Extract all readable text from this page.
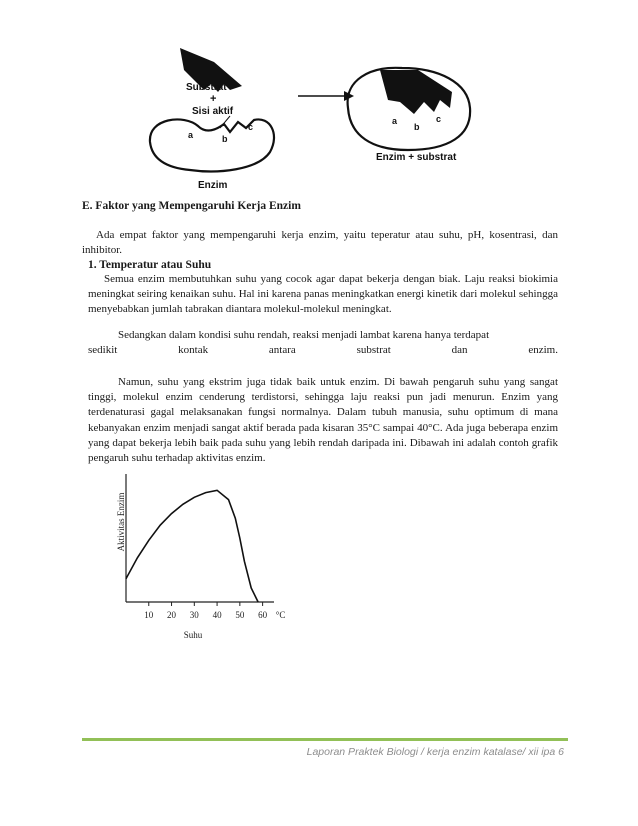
Substrat
+
Sisi aktif
a	b
c
Enzim
a
b
c
Enzim + substrat
E. Faktor yang Mempengaruhi Kerja Enzim
Ada empat faktor yang mempengaruhi kerja enzim, yaitu teperatur atau suhu, pH, kosentrasi, dan inhibitor.
1. Temperatur atau Suhu
Semua enzim membutuhkan suhu yang cocok agar dapat bekerja dengan biak. Laju reaksi biokimia meningkat seiring kenaikan suhu. Hal ini karena panas meningkatkan energi kinetik dari molekul sehingga menyebabkan jumlah tabrakan diantara molekul-molekul meningkat.
Sedangkan dalam kondisi suhu rendah, reaksi menjadi lambat karena hanya terdapat
sedikit kontak antara substrat dan enzim.
Namun, suhu yang ekstrim juga tidak baik untuk enzim. Di bawah pengaruh suhu yang sangat tinggi, molekul enzim cenderung terdistorsi, sehingga laju reaksi pun jadi menurun. Enzim yang terdenaturasi gagal melaksanakan fungsi normalnya. Dalam tubuh manusia, suhu optimum di mana kebanyakan enzim menjadi sangat aktif berada pada kisaran 35°C sampai 40°C. Ada juga beberapa enzim yang dapat bekerja lebih baik pada suhu yang lebih rendah daripada ini. Dibawah ini adalah contoh grafik pengaruh suhu terhadap aktivitas enzim.
Aktivitas Enzim
Suhu
10 20 30 40 50 60 °C
Laporan Praktek Biologi / kerja enzim katalase/ xii ipa 6
